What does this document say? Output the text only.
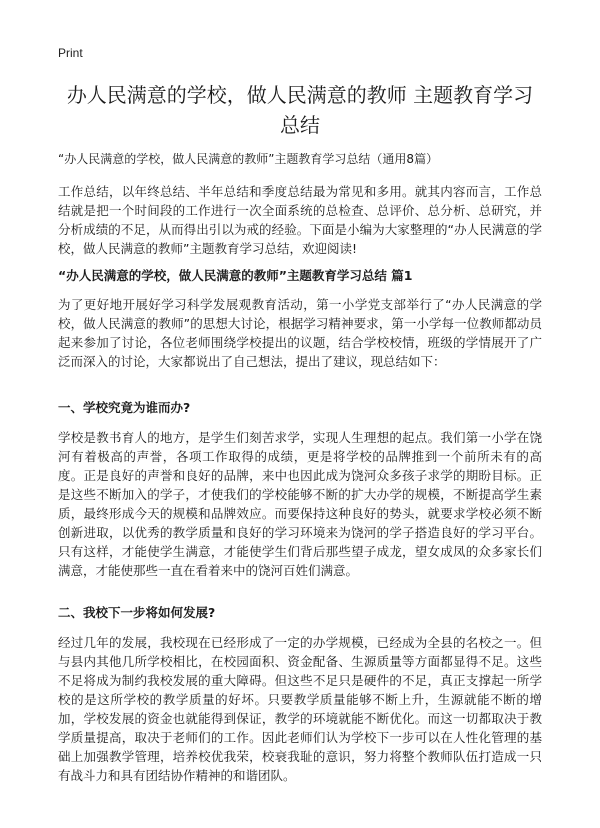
Print
办人民满意的学校，做人民满意的教师 主题教育学习总结

“办人民满意的学校，做人民满意的教师”主题教育学习总结（通用8篇）

工作总结，以年终总结、半年总结和季度总结最为常见和多用。就其内容而言，工作总结就是把一个时间段的工作进行一次全面系统的总检查、总评价、总分析、总研究，并分析成绩的不足，从而得出引以为戒的经验。下面是小编为大家整理的“办人民满意的学校，做人民满意的教师”主题教育学习总结，欢迎阅读!

“办人民满意的学校，做人民满意的教师”主题教育学习总结 篇1

为了更好地开展好学习科学发展观教育活动，第一小学党支部举行了“办人民满意的学校，做人民满意的教师”的思想大讨论，根据学习精神要求，第一小学每一位教师都动员起来参加了讨论，各位老师围绕学校提出的议题，结合学校校情，班级的学情展开了广泛而深入的讨论，大家都说出了自己想法，提出了建议，现总结如下：

一、学校究竟为谁而办?

学校是教书育人的地方，是学生们刻苦求学，实现人生理想的起点。我们第一小学在饶河有着极高的声誉，各项工作取得的成绩，更是将学校的品牌推到一个前所未有的高度。正是良好的声誉和良好的品牌，来中也因此成为饶河众多孩子求学的期盼目标。正是这些不断加入的学子，才使我们的学校能够不断的扩大办学的规模，不断提高学生素质，最终形成今天的规模和品牌效应。而要保持这种良好的势头，就要求学校必须不断创新进取，以优秀的教学质量和良好的学习环境来为饶河的学子搭造良好的学习平台。只有这样，才能使学生满意，才能使学生们背后那些望子成龙，望女成凤的众多家长们满意，才能使那些一直在看着来中的饶河百姓们满意。

二、我校下一步将如何发展?

经过几年的发展，我校现在已经形成了一定的办学规模，已经成为全县的名校之一。但与县内其他几所学校相比，在校园面积、资金配备、生源质量等方面都显得不足。这些不足将成为制约我校发展的重大障碍。但这些不足只是硬件的不足，真正支撑起一所学校的是这所学校的教学质量的好坏。只要教学质量能够不断上升，生源就能不断的增加，学校发展的资金也就能得到保证，教学的环境就能不断优化。而这一切都取决于教学质量提高，取决于老师们的工作。因此老师们认为学校下一步可以在人性化管理的基础上加强教学管理，培养校优我荣，校衰我耻的意识，努力将整个教师队伍打造成一只有战斗力和具有团结协作精神的和谐团队。
